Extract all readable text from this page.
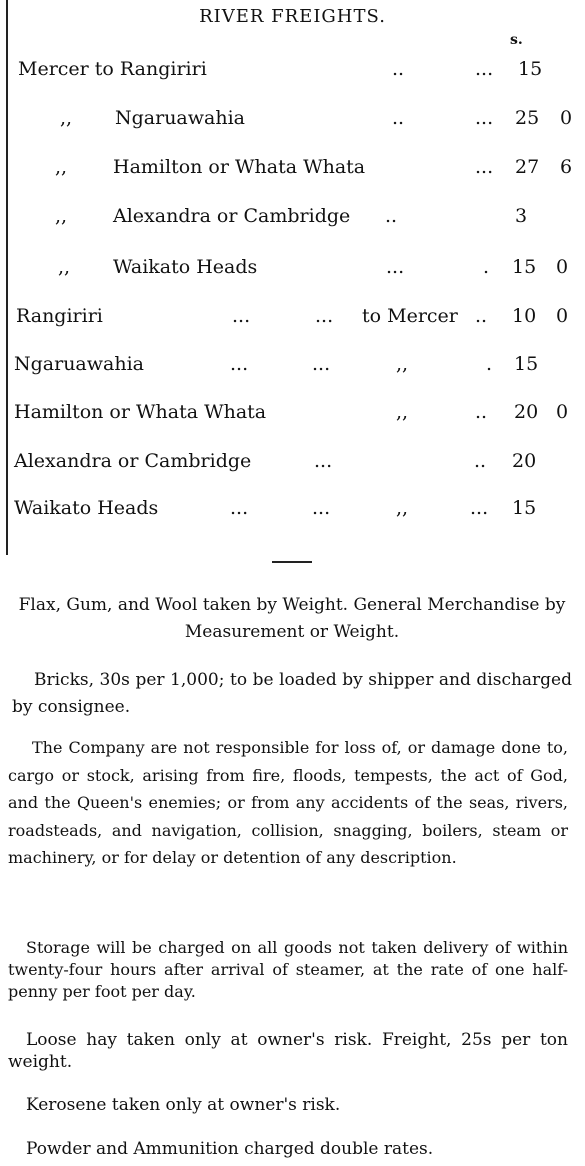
RIVER FREIGHTS.
s.
Mercer to Rangiriri	..	... 15
,, Ngaruawahia	..	... 25 0
,, Hamilton or Whata Whata	... 27 6
,, Alexandra or Cambridge ..	3
,, Waikato Heads	...	. 15 0
Rangiriri	...	... to Mercer .. 10 0
Ngaruawahia	...	...	,,	. 15
Hamilton or Whata Whata	,,	.. 20 0
Alexandra or Cambridge	...	.. 20
Waikato Heads	...	...	,,	... 15
Flax, Gum, and Wool taken by Weight. General Merchandise by Measurement or Weight.
Bricks, 30s per 1,000; to be loaded by shipper and discharged by consignee.
The Company are not responsible for loss of, or damage done to, cargo or stock, arising from fire, floods, tempests, the act of God, and the Queen's enemies; or from any accidents of the seas, rivers, roadsteads, and navigation, collision, snagging, boilers, steam or machinery, or for delay or detention of any description.
Storage will be charged on all goods not taken delivery of within twenty-four hours after arrival of steamer, at the rate of one half-penny per foot per day.
Loose hay taken only at owner's risk. Freight, 25s per ton weight.
Kerosene taken only at owner's risk.
Powder and Ammunition charged double rates.
